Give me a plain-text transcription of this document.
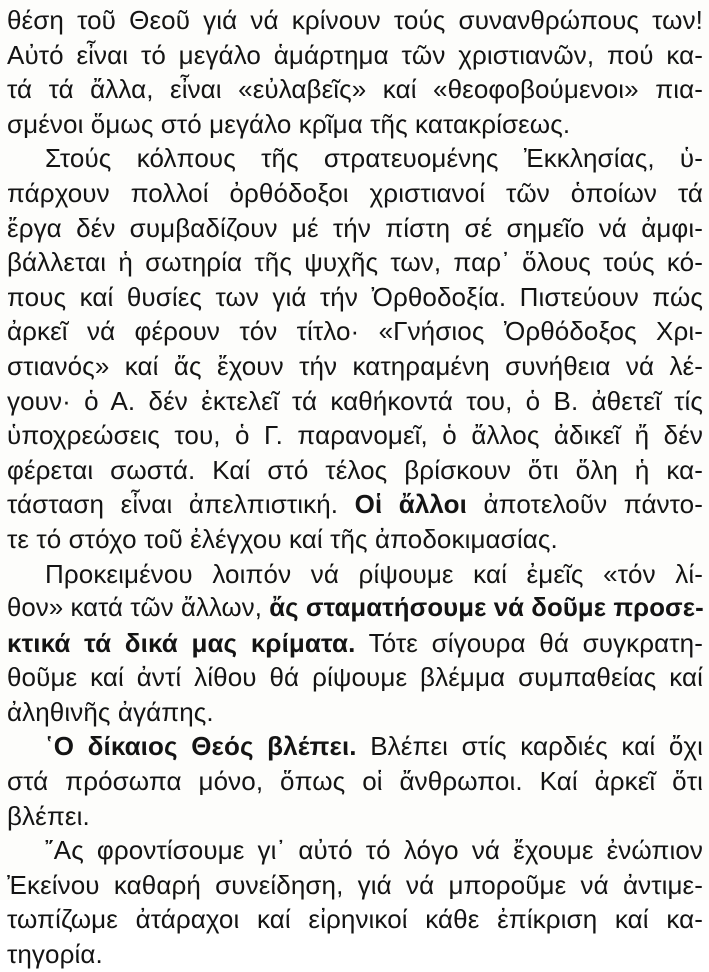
θέση τοῦ Θεοῦ γιά νά κρίνουν τούς συνανθρώπους των!
Αὐτό εἶναι τό μεγάλο ἁμάρτημα τῶν χριστιανῶν, πού κα-
τά τά ἄλλα, εἶναι «εὐλαβεῖς» καί «θεοφοβούμενοι» πια-
σμένοι ὅμως στό μεγάλο κρῖμα τῆς κατακρίσεως.
Στούς κόλπους τῆς στρατευομένης Ἐκκλησίας, ὑ-
πάρχουν πολλοί ὀρθόδοξοι χριστιανοί τῶν ὁποίων τά
ἔργα δέν συμβαδίζουν μέ τήν πίστη σέ σημεῖο νά ἀμφι-
βάλλεται ἡ σωτηρία τῆς ψυχῆς των, παρ᾽ ὅλους τούς κό-
πους καί θυσίες των γιά τήν Ὀρθοδοξία. Πιστεύουν πώς
ἀρκεῖ νά φέρουν τόν τίτλο· «Γνήσιος Ὀρθόδοξος Χρι-
στιανός» καί ἄς ἔχουν τήν κατηραμένη συνήθεια νά λέ-
γουν· ὁ Α. δέν ἐκτελεῖ τά καθήκοντά του, ὁ Β. ἀθετεῖ τίς
ὑποχρεώσεις του, ὁ Γ. παρανομεῖ, ὁ ἄλλος ἀδικεῖ ἤ δέν
φέρεται σωστά. Καί στό τέλος βρίσκουν ὅτι ὅλη ἡ κα-
τάσταση εἶναι ἀπελπιστική. Οἱ ἄλλοι ἀποτελοῦν πάντο-
τε τό στόχο τοῦ ἐλέγχου καί τῆς ἀποδοκιμασίας.
Προκειμένου λοιπόν νά ρίψουμε καί ἐμεῖς «τόν λί-
θον» κατά τῶν ἄλλων, ἄς σταματήσουμε νά δοῦμε προσε-
κτικά τά δικά μας κρίματα. Τότε σίγουρα θά συγκρατη-
θοῦμε καί ἀντί λίθου θά ρίψουμε βλέμμα συμπαθείας καί
ἀληθινῆς ἀγάπης.
῾Ο δίκαιος Θεός βλέπει. Βλέπει στίς καρδιές καί ὄχι
στά πρόσωπα μόνο, ὅπως οἱ ἄνθρωποι. Καί ἀρκεῖ ὅτι
βλέπει.
῎Ας φροντίσουμε γι᾽ αὐτό τό λόγο νά ἔχουμε ἐνώπιον
Ἐκείνου καθαρή συνείδηση, γιά νά μποροῦμε νά ἀντιμε-
τωπίζωμε ἀτάραχοι καί εἰρηνικοί κάθε ἐπίκριση καί κα-
τηγορία.
